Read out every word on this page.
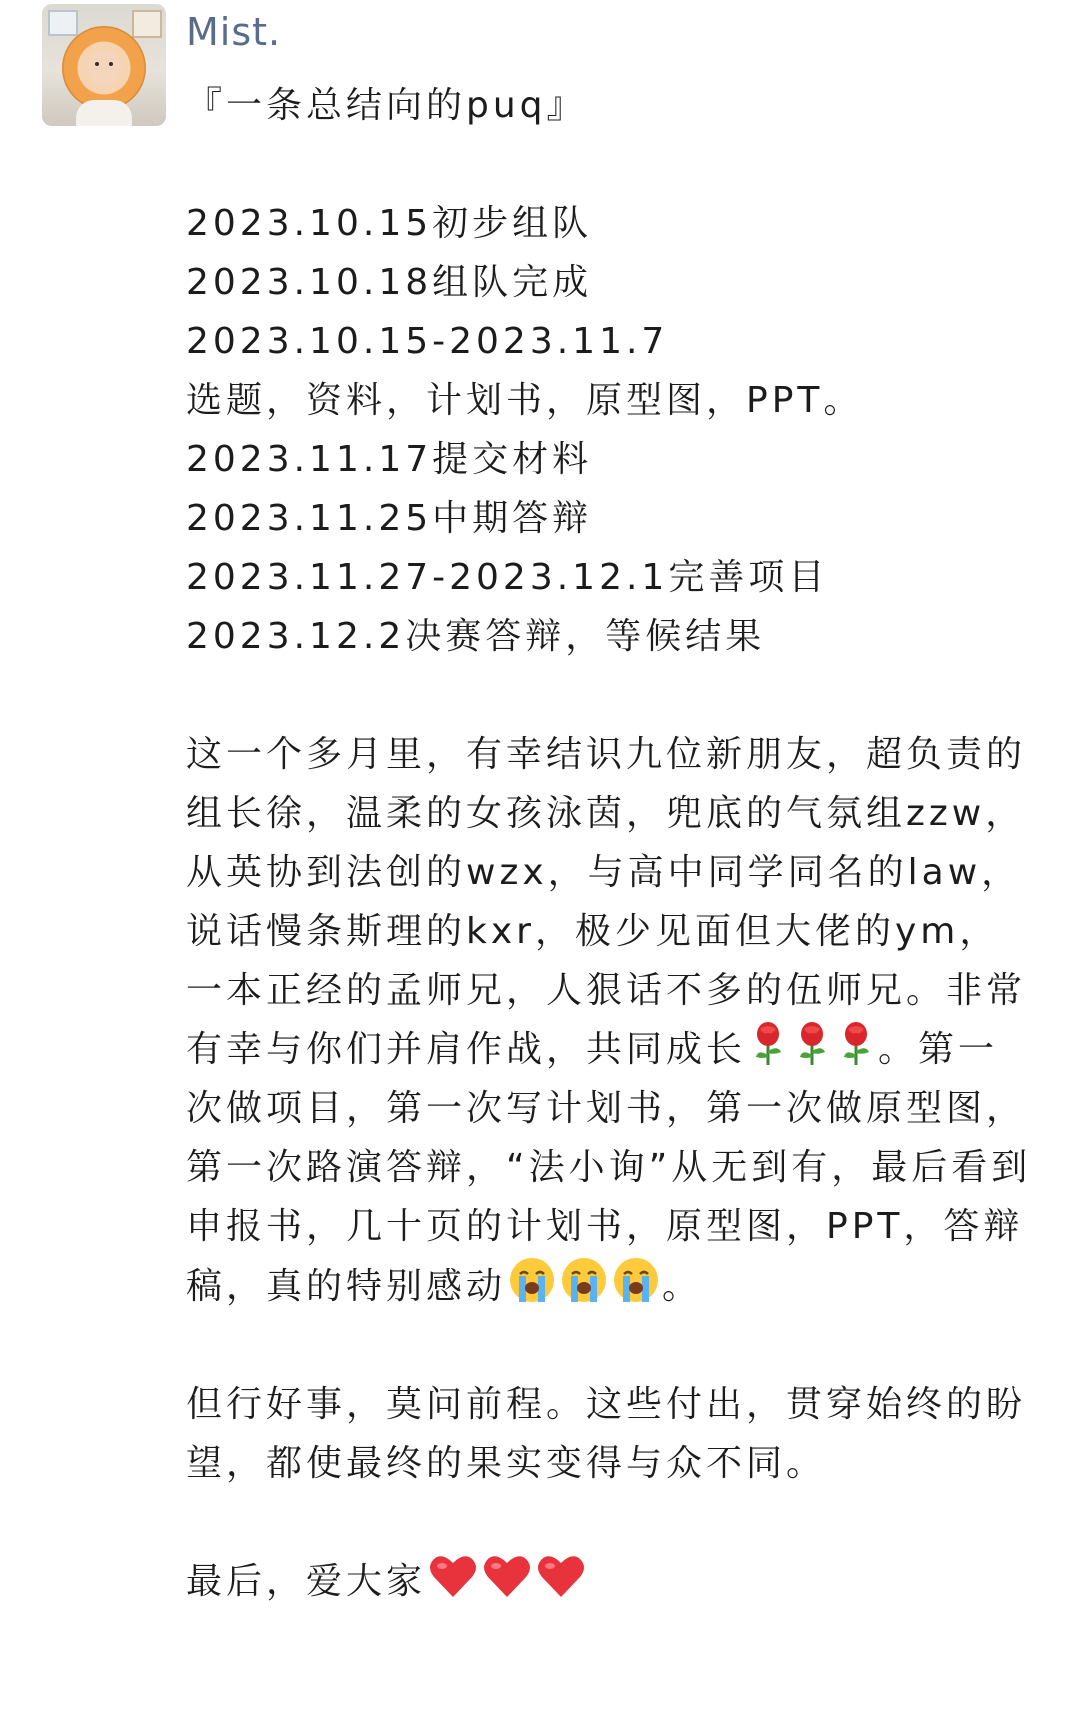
Mist.
『一条总结向的puq』
2023.10.15初步组队
2023.10.18组队完成
2023.10.15-2023.11.7
选题，资料，计划书，原型图，PPT。
2023.11.17提交材料
2023.11.25中期答辩
2023.11.27-2023.12.1完善项目
2023.12.2决赛答辩，等候结果
这一个多月里，有幸结识九位新朋友，超负责的组长徐，温柔的女孩泳茵，兜底的气氛组zzw，从英协到法创的wzx，与高中同学同名的law，说话慢条斯理的kxr，极少见面但大佬的ym，一本正经的孟师兄，人狠话不多的伍师兄。非常有幸与你们并肩作战，共同成长	。第一次做项目，第一次写计划书，第一次做原型图，第一次路演答辩，“法小询”从无到有，最后看到申报书，几十页的计划书，原型图，PPT，答辩稿，真的特别感动	。
但行好事，莫问前程。这些付出，贯穿始终的盼望，都使最终的果实变得与众不同。
最后，爱大家
